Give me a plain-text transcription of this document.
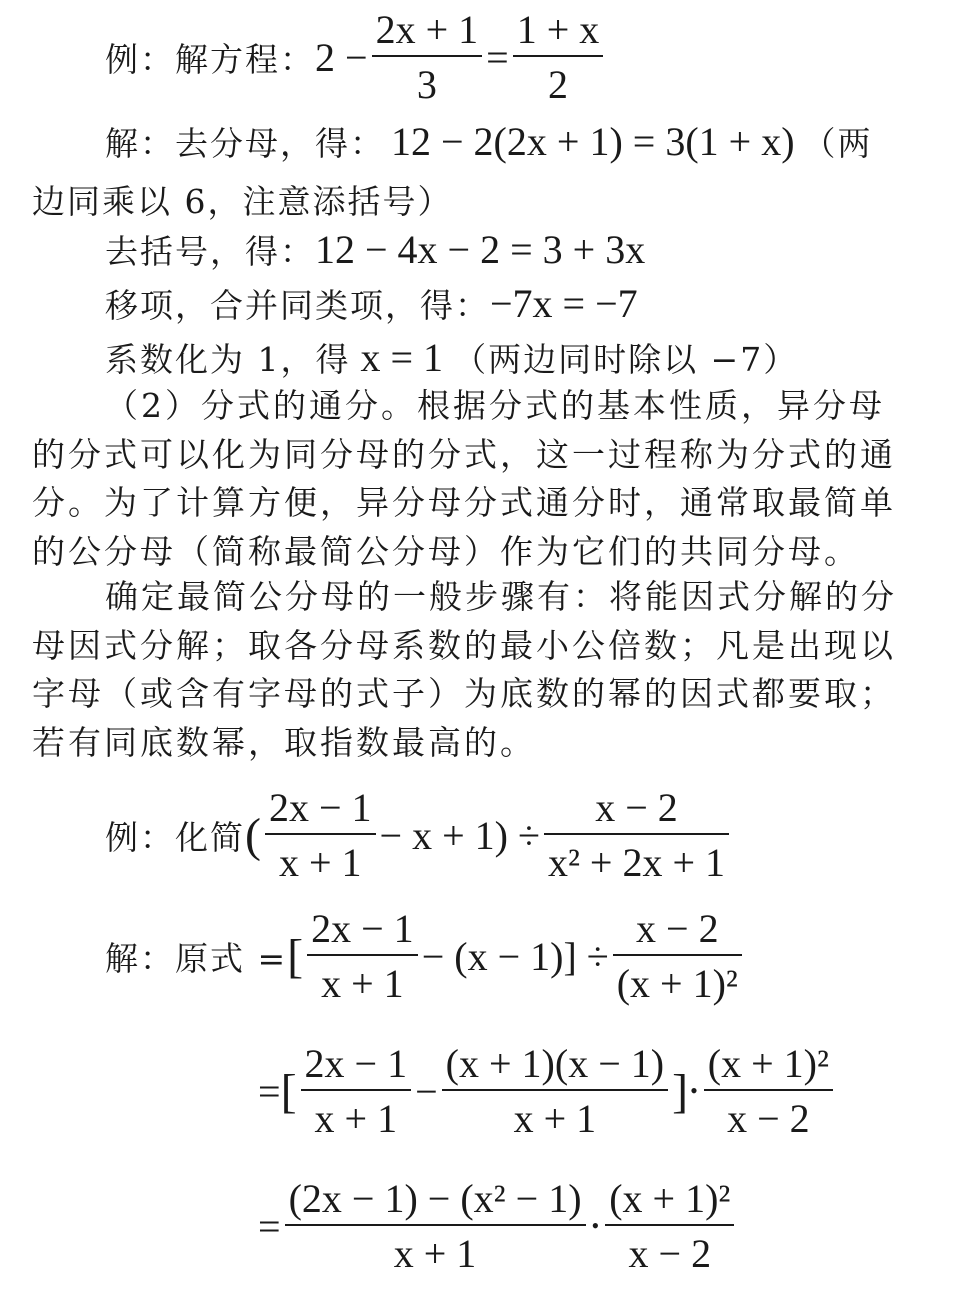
例：解方程： $2 - \frac{2x + 1}{3} = \frac{1 + x}{2}$
解：去分母，得： 12 − 2(2x + 1) = 3(1 + x) （两
边同乘以 6，注意添括号）
去括号，得： 12 − 4x − 2 = 3 + 3x
移项，合并同类项，得： −7x = −7
系数化为 1，得 x = 1 （两边同时除以 −7）
（2）分式的通分。根据分式的基本性质，异分母的分式可以化为同分母的分式，这一过程称为分式的通分。为了计算方便，异分母分式通分时，通常取最简单的公分母（简称最简公分母）作为它们的共同分母。
确定最简公分母的一般步骤有：将能因式分解的分母因式分解；取各分母系数的最小公倍数；凡是出现以字母（或含有字母的式子）为底数的幂的因式都要取；若有同底数幂，取指数最高的。
例：化简 ( $\frac{2x - 1}{x + 1} - x + 1) \div \frac{x - 2}{\text{x² + 2x + 1}}$
解：原式 = [ $\frac{2x - 1}{x + 1} - (x - 1)] \div \frac{x - 2}{\text{(x + 1)²}}$
= [ $\frac{2x - 1}{x + 1} - \frac{(x + 1)(x - 1)}{x + 1}$ ] • $\frac{\text{(x + 1)²}}{x - 2}$
= $\frac{\text{(2x − 1) − (x² − 1)}}{x + 1}$ • $\frac{\text{(x + 1)²}}{x - 2}$
